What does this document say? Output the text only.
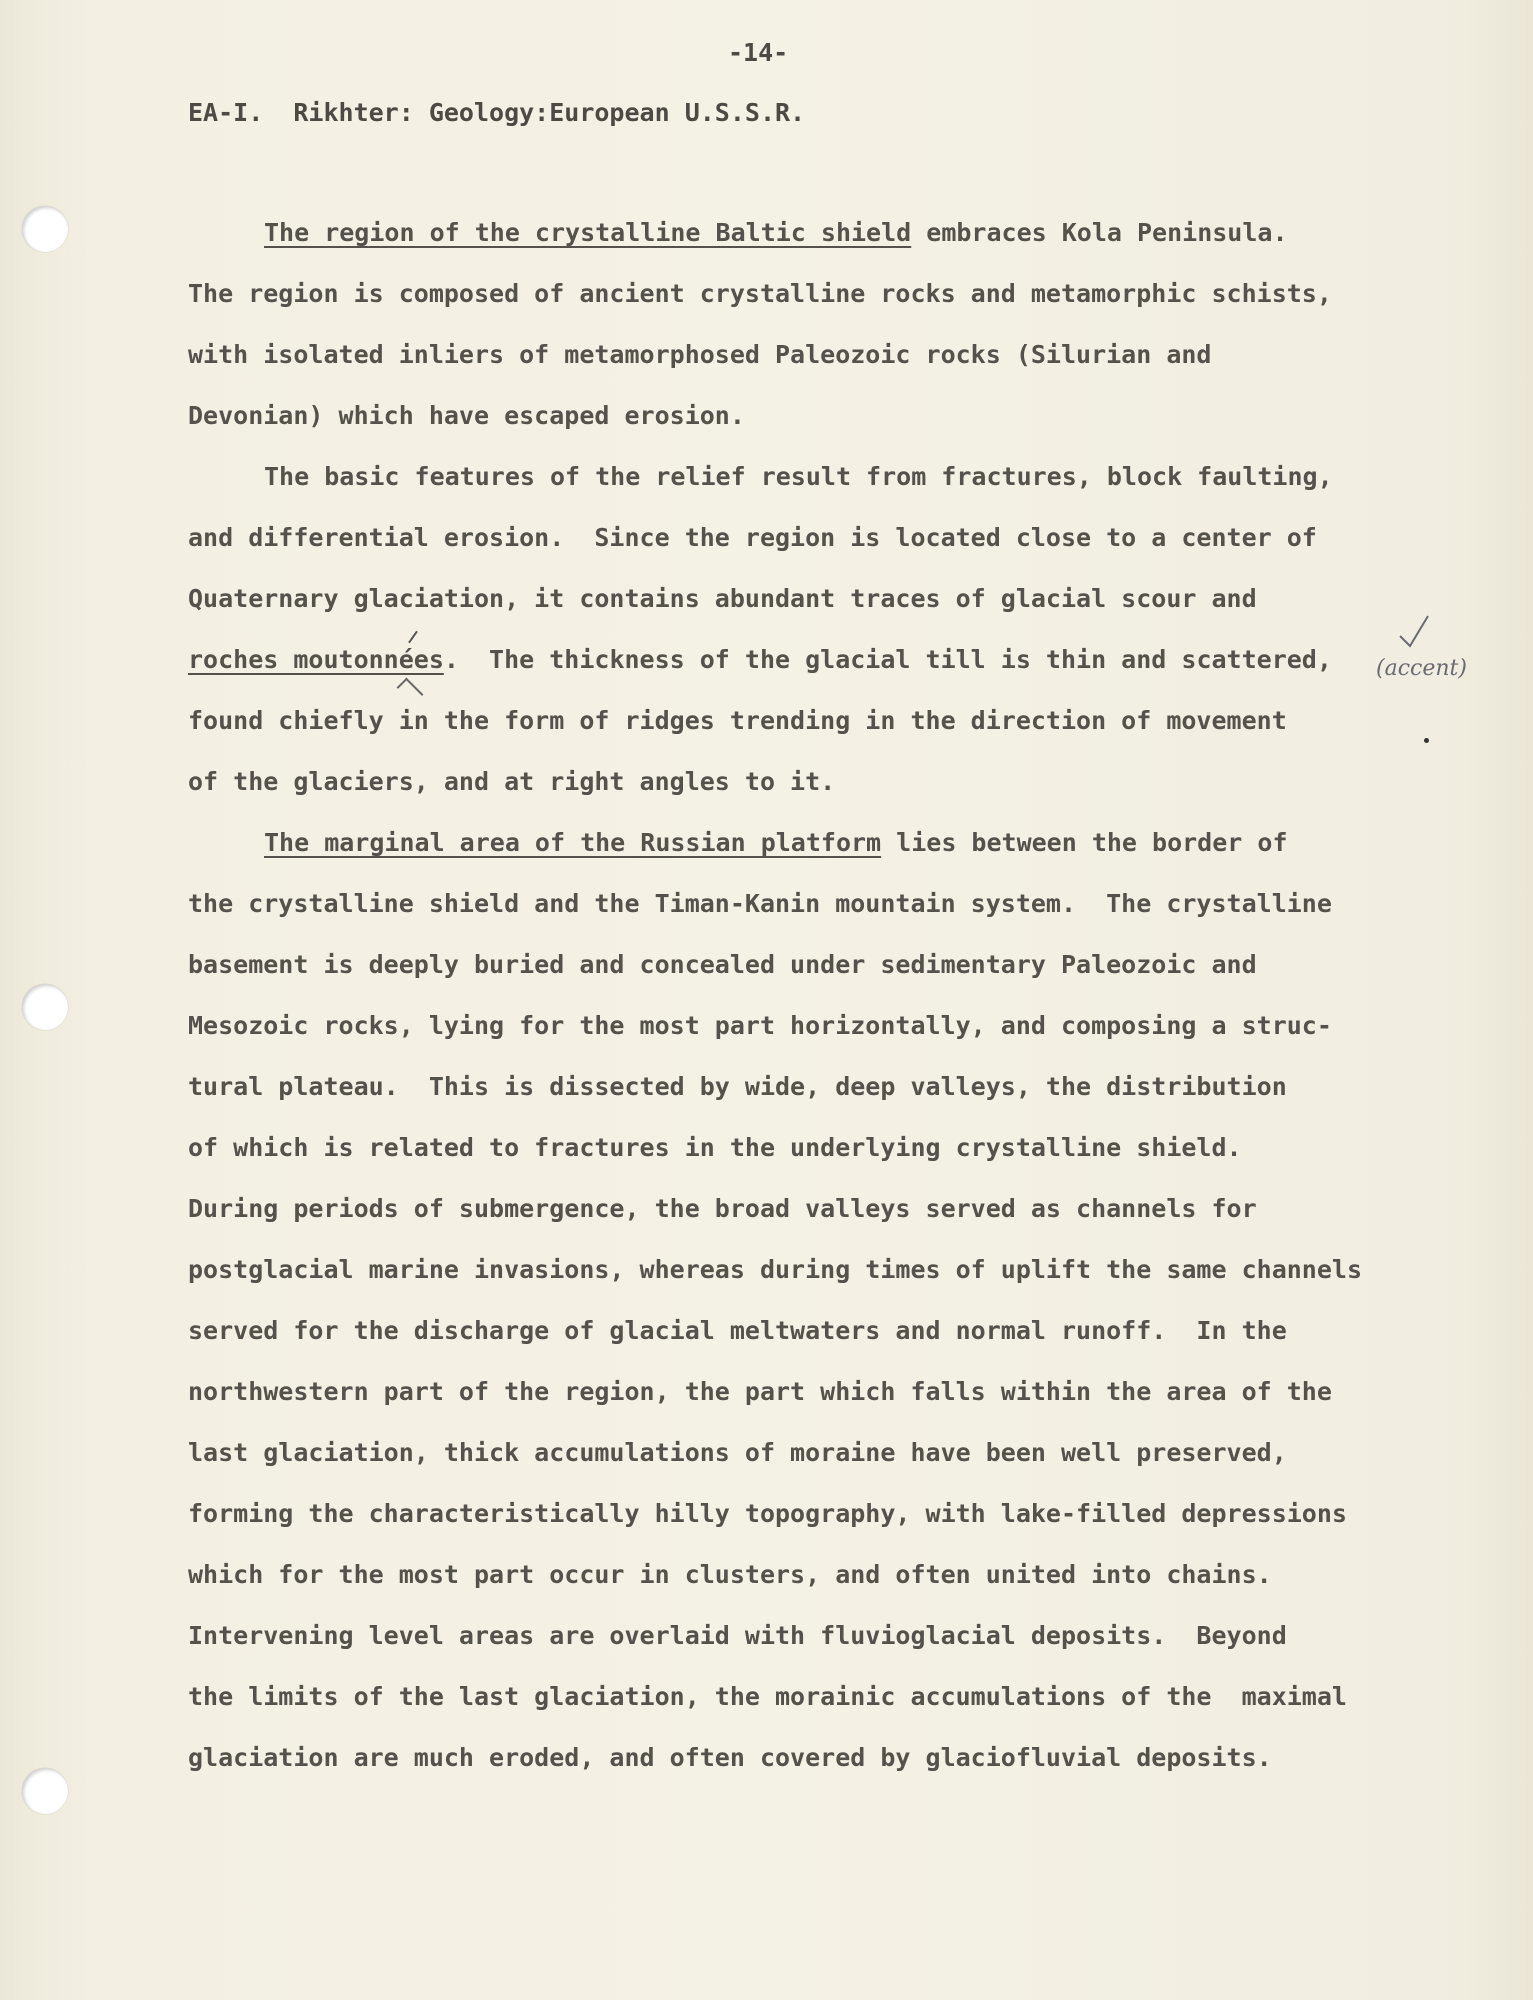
-14-
EA-I.  Rikhter: Geology:European U.S.S.R.
The region of the crystalline Baltic shield embraces Kola Peninsula.
The region is composed of ancient crystalline rocks and metamorphic schists,
with isolated inliers of metamorphosed Paleozoic rocks (Silurian and
Devonian) which have escaped erosion.
The basic features of the relief result from fractures, block faulting,
and differential erosion.  Since the region is located close to a center of
Quaternary glaciation, it contains abundant traces of glacial scour and
roches moutonnées.  The thickness of the glacial till is thin and scattered,
found chiefly in the form of ridges trending in the direction of movement
of the glaciers, and at right angles to it.
The marginal area of the Russian platform lies between the border of
the crystalline shield and the Timan-Kanin mountain system.  The crystalline
basement is deeply buried and concealed under sedimentary Paleozoic and
Mesozoic rocks, lying for the most part horizontally, and composing a struc-
tural plateau.  This is dissected by wide, deep valleys, the distribution
of which is related to fractures in the underlying crystalline shield.
During periods of submergence, the broad valleys served as channels for
postglacial marine invasions, whereas during times of uplift the same channels
served for the discharge of glacial meltwaters and normal runoff.  In the
northwestern part of the region, the part which falls within the area of the
last glaciation, thick accumulations of moraine have been well preserved,
forming the characteristically hilly topography, with lake-filled depressions
which for the most part occur in clusters, and often united into chains.
Intervening level areas are overlaid with fluvioglacial deposits.  Beyond
the limits of the last glaciation, the morainic accumulations of the  maximal
glaciation are much eroded, and often covered by glaciofluvial deposits.
(accent)
